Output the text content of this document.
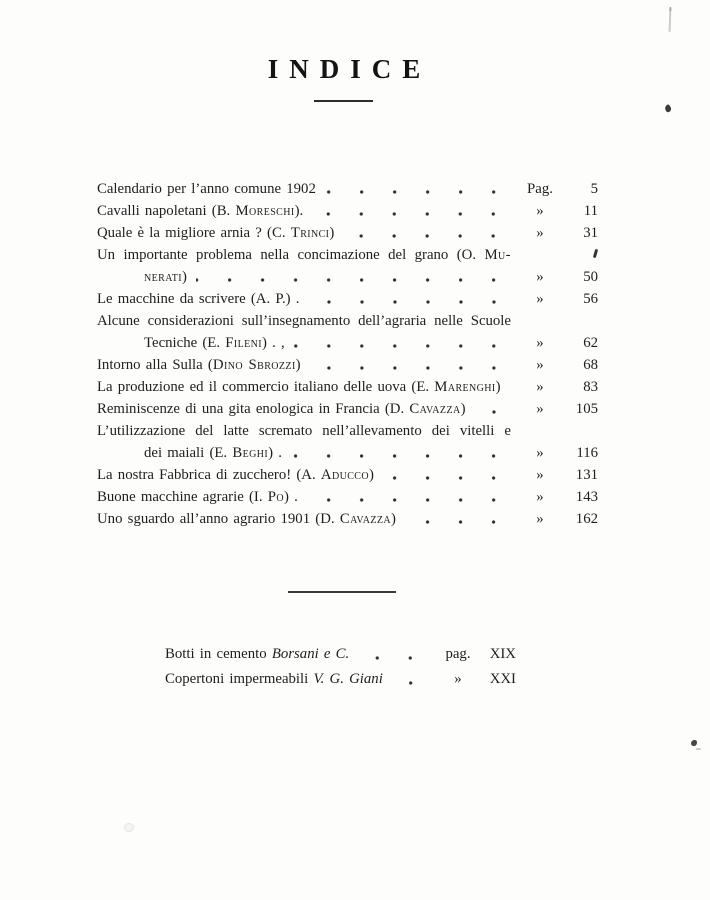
INDICE
Calendario per l’anno comune 1902	Pag.	5
Cavalli napoletani (B. Moreschi).	»	11
Quale è la migliore arnia ? (C. Trinci)	»	31
Un importante problema nella concimazione del grano (O. Mu-
nerati)	»	50
Le macchine da scrivere (A. P.) .	»	56
Alcune considerazioni sull’insegnamento dell’agraria nelle Scuole
Tecniche (E. Fileni) . ,	»	62
Intorno alla Sulla (Dino Sbrozzi)	»	68
La produzione ed il commercio italiano delle uova (E. Marenghi)	»	83
Reminiscenze di una gita enologica in Francia (D. Cavazza)	»	105
L’utilizzazione del latte scremato nell’allevamento dei vitelli e
dei maiali (E. Beghi) .	»	116
La nostra Fabbrica di zucchero! (A. Aducco)	»	131
Buone macchine agrarie (I. Po) .	»	143
Uno sguardo all’anno agrario 1901 (D. Cavazza)	»	162
Botti in cemento Borsani e C.	pag.	XIX
Copertoni impermeabili V. G. Giani	»	XXI
